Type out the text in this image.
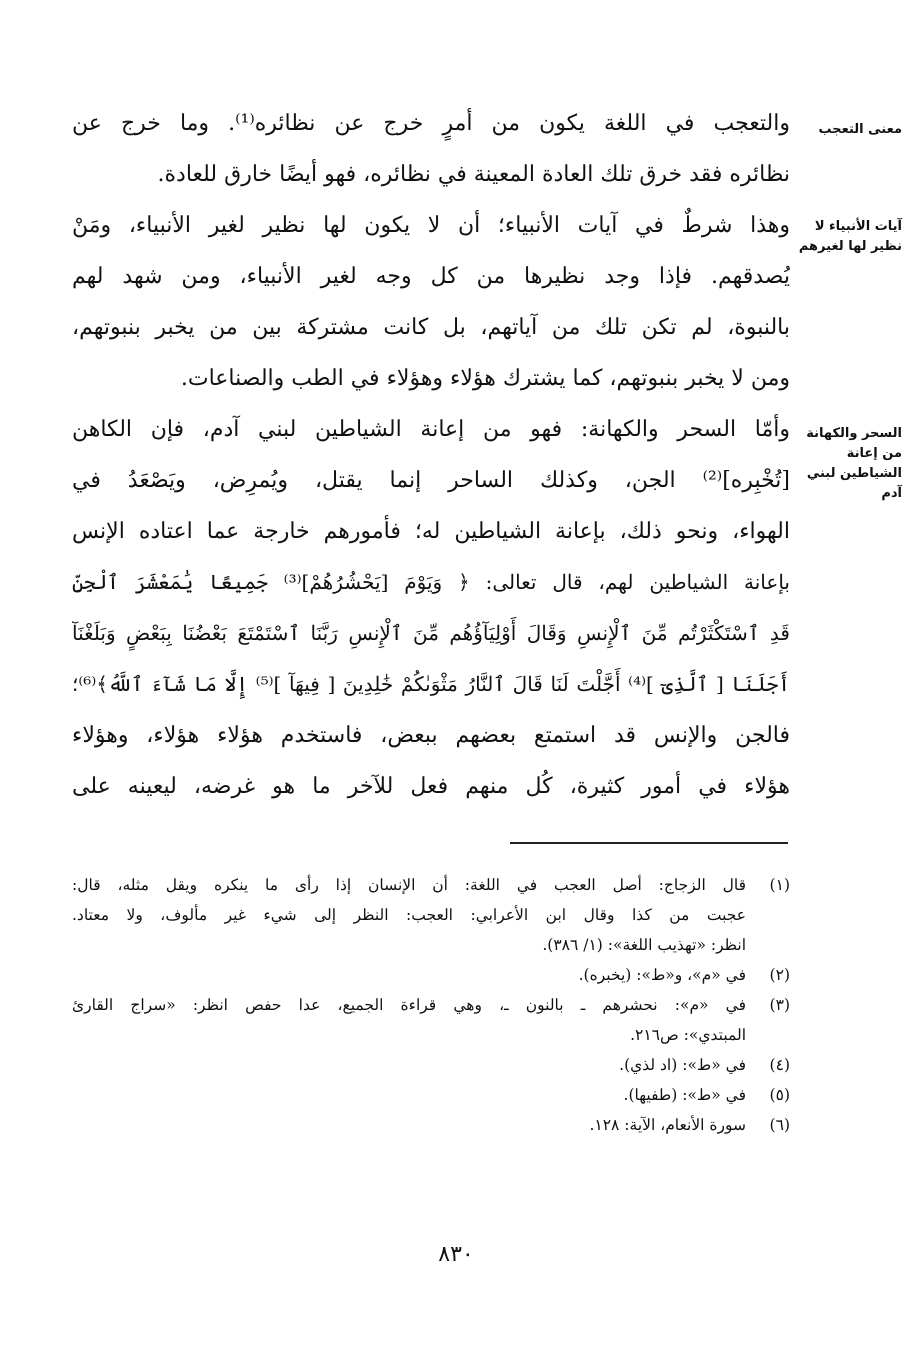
معنى التعجب
آيات الأنبياء لا نظير لها لغيرهم
السحر والكهانة من إعانة الشياطين لبني آدم
والتعجب في اللغة يكون من أمرٍ خرج عن نظائره⁽¹⁾. وما خرج عن
نظائره فقد خرق تلك العادة المعينة في نظائره، فهو أيضًا خارق للعادة.
وهذا شرطٌ في آيات الأنبياء؛ أن لا يكون لها نظير لغير الأنبياء، ومَنْ
يُصدقهم. فإذا وجد نظيرها من كل وجه لغير الأنبياء، ومن شهد لهم
بالنبوة، لم تكن تلك من آياتهم، بل كانت مشتركة بين من يخبر بنبوتهم،
ومن لا يخبر بنبوتهم، كما يشترك هؤلاء وهؤلاء في الطب والصناعات.
وأمّا السحر والكهانة: فهو من إعانة الشياطين لبني آدم، فإن الكاهن
[تُخْبِره]⁽²⁾ الجن، وكذلك الساحر إنما يقتل، ويُمرِض، ويَصْعَدُ في
الهواء، ونحو ذلك، بإعانة الشياطين له؛ فأمورهم خارجة عما اعتاده الإنس
بإعانة الشياطين لهم، قال تعالى: ﴿ وَيَوْمَ [يَحْشُرُهُمْ]⁽³⁾ جَمِيعًا يَٰمَعْشَرَ ٱلْجِنِّ
قَدِ ٱسْتَكْثَرْتُم مِّنَ ٱلْإِنسِ وَقَالَ أَوْلِيَآؤُهُم مِّنَ ٱلْإِنسِ رَبَّنَا ٱسْتَمْتَعَ بَعْضُنَا بِبَعْضٍ وَبَلَغْنَآ
أَجَلَنَا [ ٱلَّذِىٓ ]⁽⁴⁾ أَجَّلْتَ لَنَا قَالَ ٱلنَّارُ مَثْوَىٰكُمْ خَٰلِدِينَ [ فِيهَآ ]⁽⁵⁾ إِلَّا مَا شَآءَ ٱللَّهُ﴾⁽⁶⁾؛
فالجن والإنس قد استمتع بعضهم ببعض، فاستخدم هؤلاء هؤلاء، وهؤلاء
هؤلاء في أمور كثيرة، كُل منهم فعل للآخر ما هو غرضه، ليعينه على
(١)
قال الزجاج: أصل العجب في اللغة: أن الإنسان إذا رأى ما ينكره ويقل مثله، قال:
عجبت من كذا وقال ابن الأعرابي: العجب: النظر إلى شيء غير مألوف، ولا معتاد.
انظر: «تهذيب اللغة»: (١/ ٣٨٦).
(٢)
في «م»، و«ط»: (يخبره).
(٣)
في «م»: نحشرهم ـ بالنون ـ، وهي قراءة الجميع، عدا حفص انظر: «سراج القارئ
المبتدي»: ص٢١٦.
(٤)
في «ط»: (اد لذي).
(٥)
في «ط»: (طفيها).
(٦)
سورة الأنعام، الآية: ١٢٨.
٨٣٠
